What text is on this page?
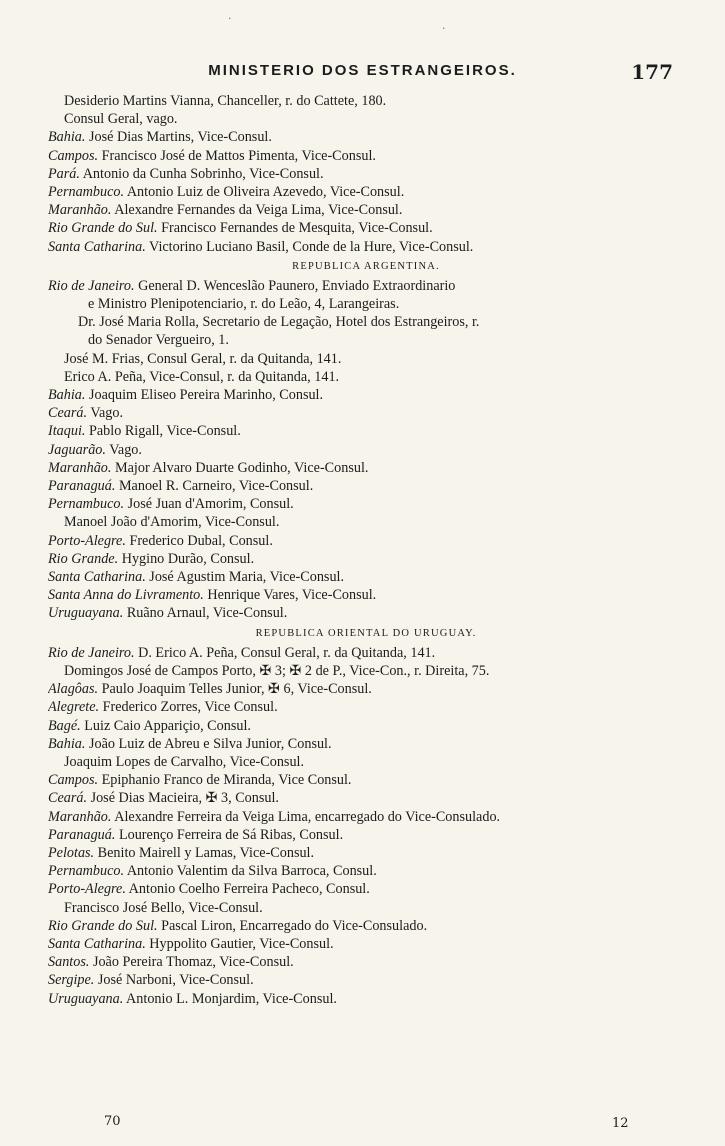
·
·
MINISTERIO DOS ESTRANGEIROS.	177
Desiderio Martins Vianna, Chanceller, r. do Cattete, 180.
Consul Geral, vago.
Bahia. José Dias Martins, Vice-Consul.
Campos. Francisco José de Mattos Pimenta, Vice-Consul.
Pará. Antonio da Cunha Sobrinho, Vice-Consul.
Pernambuco. Antonio Luiz de Oliveira Azevedo, Vice-Consul.
Maranhão. Alexandre Fernandes da Veiga Lima, Vice-Consul.
Rio Grande do Sul. Francisco Fernandes de Mesquita, Vice-Consul.
Santa Catharina. Victorino Luciano Basil, Conde de la Hure, Vice-Consul.
REPUBLICA ARGENTINA.
Rio de Janeiro. General D. Wenceslão Paunero, Enviado Extraordinario
e Ministro Plenipotenciario, r. do Leão, 4, Larangeiras.
Dr. José Maria Rolla, Secretario de Legação, Hotel dos Estrangeiros, r.
do Senador Vergueiro, 1.
José M. Frias, Consul Geral, r. da Quitanda, 141.
Erico A. Peña, Vice-Consul, r. da Quitanda, 141.
Bahia. Joaquim Eliseo Pereira Marinho, Consul.
Ceará. Vago.
Itaqui. Pablo Rigall, Vice-Consul.
Jaguarão. Vago.
Maranhão. Major Alvaro Duarte Godinho, Vice-Consul.
Paranaguá. Manoel R. Carneiro, Vice-Consul.
Pernambuco. José Juan d'Amorim, Consul.
Manoel João d'Amorim, Vice-Consul.
Porto-Alegre. Frederico Dubal, Consul.
Rio Grande. Hygino Durão, Consul.
Santa Catharina. José Agustim Maria, Vice-Consul.
Santa Anna do Livramento. Henrique Vares, Vice-Consul.
Uruguayana. Ruãno Arnaul, Vice-Consul.
REPUBLICA ORIENTAL DO URUGUAY.
Rio de Janeiro. D. Erico A. Peña, Consul Geral, r. da Quitanda, 141.
Domingos José de Campos Porto, ✠ 3; ✠ 2 de P., Vice-Con., r. Direita, 75.
Alagôas. Paulo Joaquim Telles Junior, ✠ 6, Vice-Consul.
Alegrete. Frederico Zorres, Vice Consul.
Bagé. Luiz Caio Appariçio, Consul.
Bahia. João Luiz de Abreu e Silva Junior, Consul.
Joaquim Lopes de Carvalho, Vice-Consul.
Campos. Epiphanio Franco de Miranda, Vice Consul.
Ceará. José Dias Macieira, ✠ 3, Consul.
Maranhão. Alexandre Ferreira da Veiga Lima, encarregado do Vice-Consulado.
Paranaguá. Lourenço Ferreira de Sá Ribas, Consul.
Pelotas. Benito Mairell y Lamas, Vice-Consul.
Pernambuco. Antonio Valentim da Silva Barroca, Consul.
Porto-Alegre. Antonio Coelho Ferreira Pacheco, Consul.
Francisco José Bello, Vice-Consul.
Rio Grande do Sul. Pascal Liron, Encarregado do Vice-Consulado.
Santa Catharina. Hyppolito Gautier, Vice-Consul.
Santos. João Pereira Thomaz, Vice-Consul.
Sergipe. José Narboni, Vice-Consul.
Uruguayana. Antonio L. Monjardim, Vice-Consul.
70	12
